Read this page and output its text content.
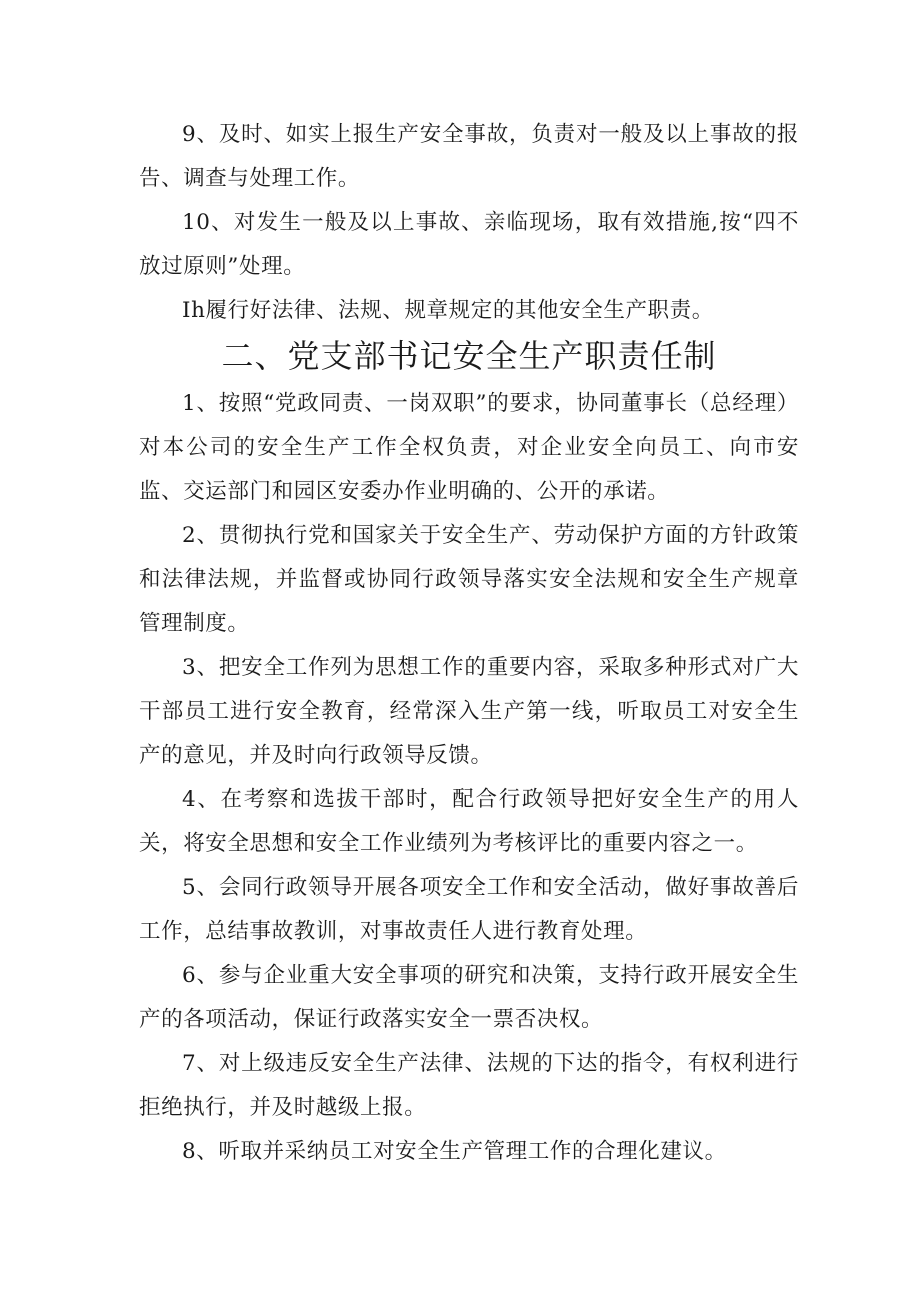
9、及时、如实上报生产安全事故，负责对一般及以上事故的报告、调查与处理工作。

10、对发生一般及以上事故、亲临现场，取有效措施,按“四不放过原则”处理。

Ih履行好法律、法规、规章规定的其他安全生产职责。

二、党支部书记安全生产职责任制

1、按照“党政同责、一岗双职”的要求，协同董事长（总经理）对本公司的安全生产工作全权负责，对企业安全向员工、向市安监、交运部门和园区安委办作业明确的、公开的承诺。

2、贯彻执行党和国家关于安全生产、劳动保护方面的方针政策和法律法规，并监督或协同行政领导落实安全法规和安全生产规章管理制度。

3、把安全工作列为思想工作的重要内容，采取多种形式对广大干部员工进行安全教育，经常深入生产第一线，听取员工对安全生产的意见，并及时向行政领导反馈。

4、在考察和选拔干部时，配合行政领导把好安全生产的用人关，将安全思想和安全工作业绩列为考核评比的重要内容之一。

5、会同行政领导开展各项安全工作和安全活动，做好事故善后工作，总结事故教训，对事故责任人进行教育处理。

6、参与企业重大安全事项的研究和决策，支持行政开展安全生产的各项活动，保证行政落实安全一票否决权。

7、对上级违反安全生产法律、法规的下达的指令，有权利进行拒绝执行，并及时越级上报。

8、听取并采纳员工对安全生产管理工作的合理化建议。
